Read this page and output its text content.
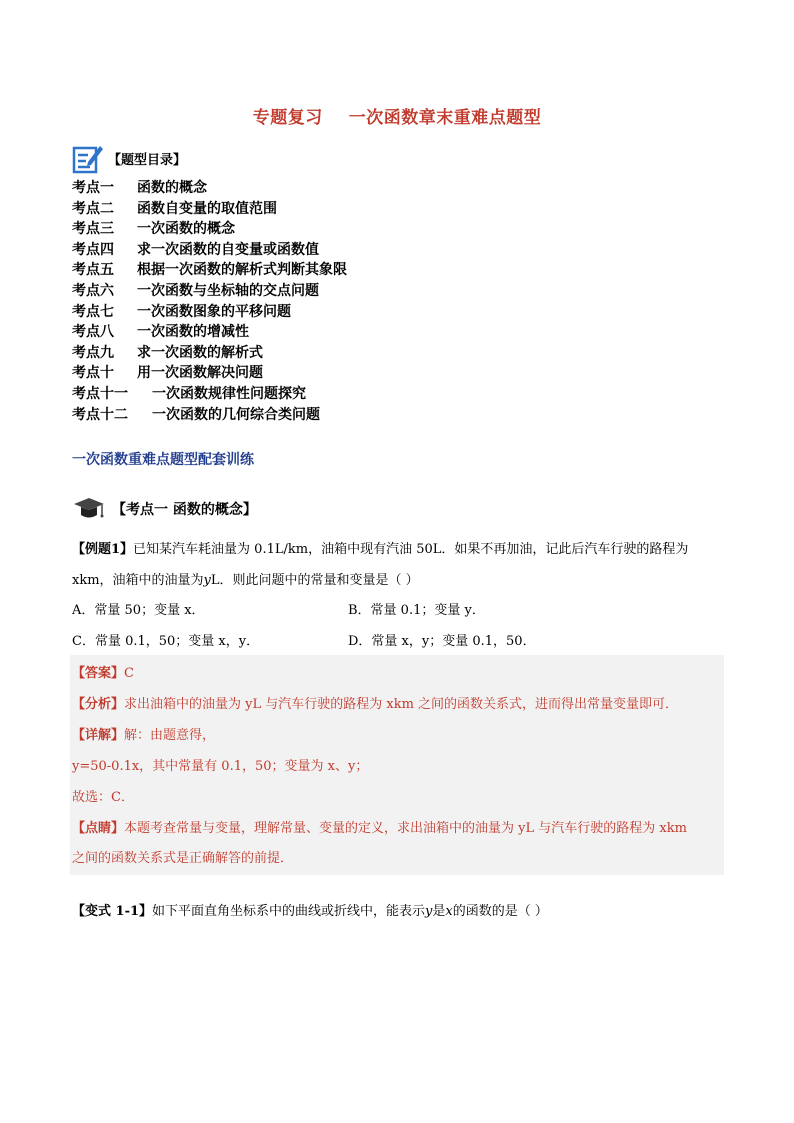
专题复习 一次函数章末重难点题型
【题型目录】
考点一 函数的概念
考点二 函数自变量的取值范围
考点三 一次函数的概念
考点四 求一次函数的自变量或函数值
考点五 根据一次函数的解析式判断其象限
考点六 一次函数与坐标轴的交点问题
考点七 一次函数图象的平移问题
考点八 一次函数的增减性
考点九 求一次函数的解析式
考点十 用一次函数解决问题
考点十一 一次函数规律性问题探究
考点十二 一次函数的几何综合类问题
一次函数重难点题型配套训练
【考点一 函数的概念】
【例题1】已知某汽车耗油量为 0.1L/km，油箱中现有汽油 50L．如果不再加油，记此后汽车行驶的路程为
xkm，油箱中的油量为yL．则此问题中的常量和变量是（ ）
A．常量 50；变量 x．	B．常量 0.1；变量 y．
C．常量 0.1，50；变量 x，y．	D．常量 x，y；变量 0.1，50．
【答案】C
【分析】求出油箱中的油量为 yL 与汽车行驶的路程为 xkm 之间的函数关系式，进而得出常量变量即可．
【详解】解：由题意得，
y=50-0.1x，其中常量有 0.1，50；变量为 x、y；
故选：C．
【点睛】本题考查常量与变量，理解常量、变量的定义，求出油箱中的油量为 yL 与汽车行驶的路程为 xkm
之间的函数关系式是正确解答的前提．
【变式 1-1】如下平面直角坐标系中的曲线或折线中，能表示y是x的函数的是（ ）
